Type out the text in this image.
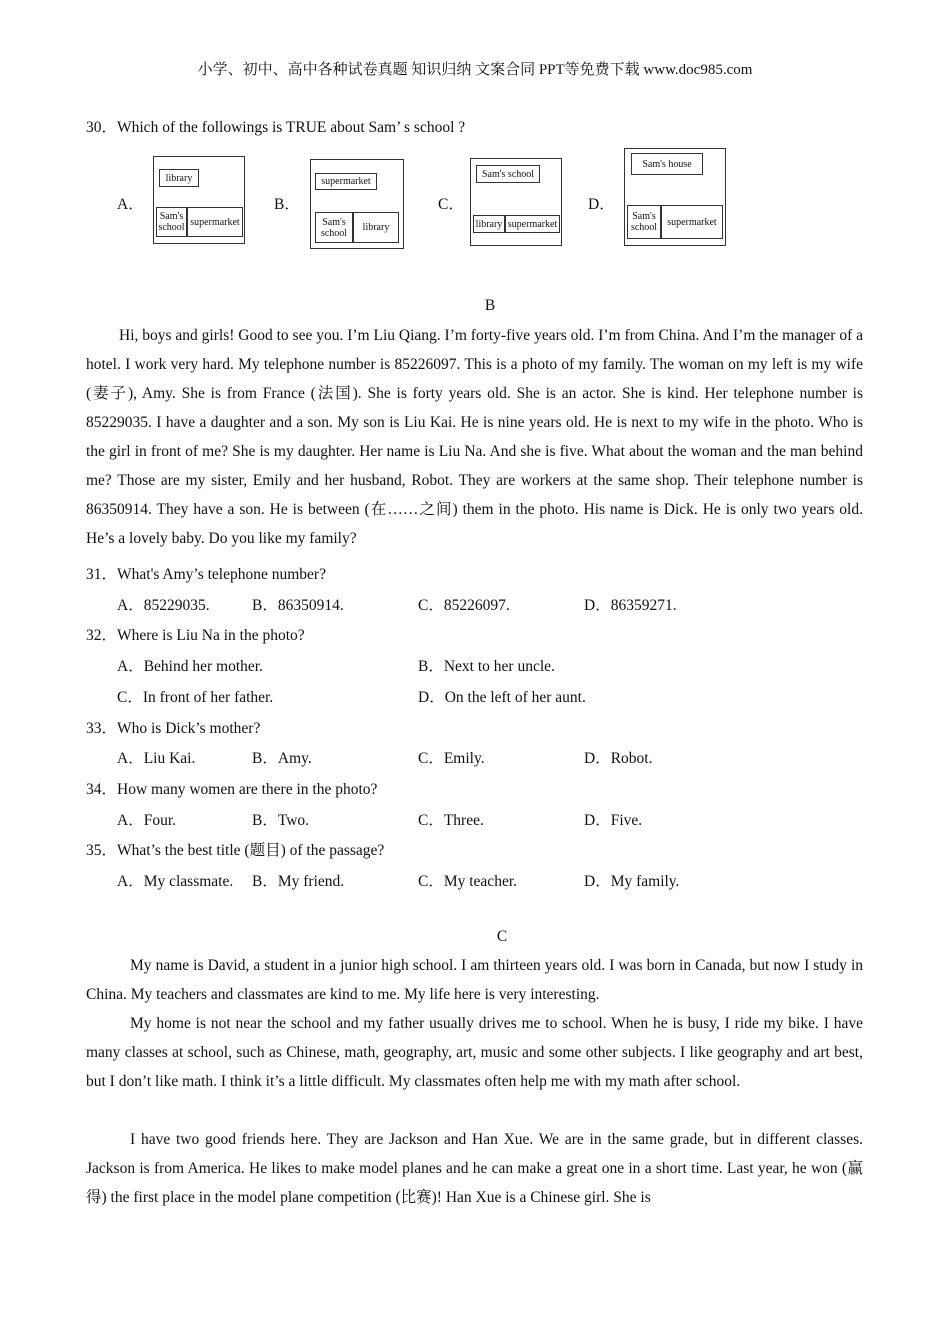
小学、初中、高中各种试卷真题 知识归纳 文案合同 PPT等免费下载 www.doc985.com
30．Which of the followings is TRUE about Sam’ s school ?
A．
library
Sam's school supermarket
B．
supermarket
Sam's school	library
C．
Sam's school
library supermarket
D．
Sam's house
Sam's school	supermarket
B
Hi, boys and girls! Good to see you. I’m Liu Qiang. I’m forty-five years old. I’m from China. And I’m the manager of a hotel. I work very hard. My telephone number is 85226097. This is a photo of my family. The woman on my left is my wife (妻子), Amy. She is from France (法国). She is forty years old. She is an actor. She is kind. Her telephone number is 85229035. I have a daughter and a son. My son is Liu Kai. He is nine years old. He is next to my wife in the photo. Who is the girl in front of me? She is my daughter. Her name is Liu Na. And she is five. What about the woman and the man behind me? Those are my sister, Emily and her husband, Robot. They are workers at the same shop. Their telephone number is 86350914. They have a son. He is between (在……之间) them in the photo. His name is Dick. He is only two years old. He’s a lovely baby. Do you like my family?
31．What's Amy’s telephone number?
A．85229035.	B．86350914.	C．85226097.	D．86359271.
32．Where is Liu Na in the photo?
A．Behind her mother.	B．Next to her uncle.
C．In front of her father.	D．On the left of her aunt.
33．Who is Dick’s mother?
A．Liu Kai.	B．Amy.	C．Emily.	D．Robot.
34．How many women are there in the photo?
A．Four.	B．Two.	C．Three.	D．Five.
35．What’s the best title (题目) of the passage?
A．My classmate. B．My friend.	C．My teacher.	D．My family.
C
My name is David, a student in a junior high school. I am thirteen years old. I was born in Canada, but now I study in China. My teachers and classmates are kind to me. My life here is very interesting.
My home is not near the school and my father usually drives me to school. When he is busy, I ride my bike. I have many classes at school, such as Chinese, math, geography, art, music and some other subjects. I like geography and art best, but I don’t like math. I think it’s a little difficult. My classmates often help me with my math after school.
I have two good friends here. They are Jackson and Han Xue. We are in the same grade, but in different classes. Jackson is from America. He likes to make model planes and he can make a great one in a short time. Last year, he won (赢得) the first place in the model plane competition (比赛)! Han Xue is a Chinese girl. She is
